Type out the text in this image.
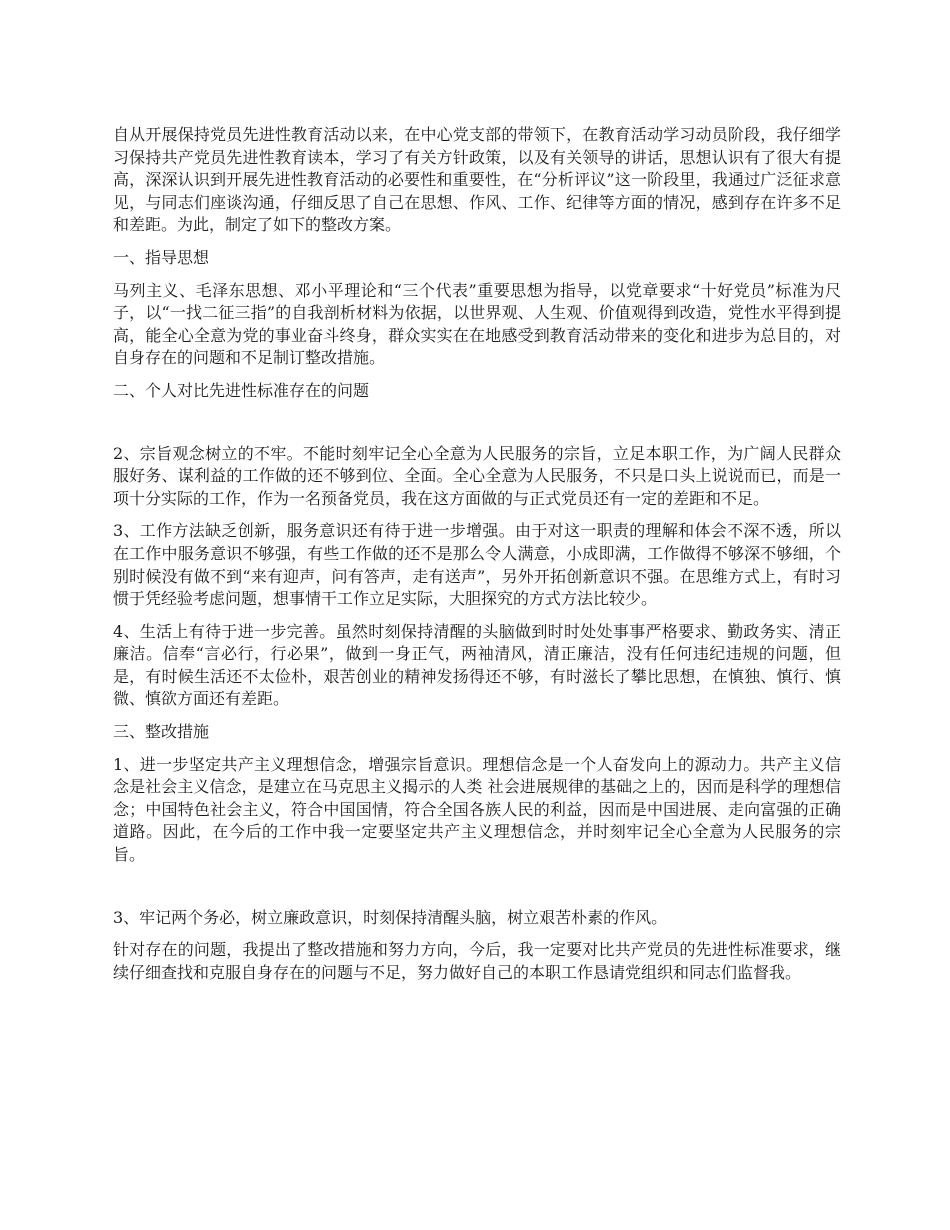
自从开展保持党员先进性教育活动以来，在中心党支部的带领下，在教育活动学习动员阶段，我仔细学习保持共产党员先进性教育读本，学习了有关方针政策，以及有关领导的讲话，思想认识有了很大有提高，深深认识到开展先进性教育活动的必要性和重要性，在“分析评议”这一阶段里，我通过广泛征求意见，与同志们座谈沟通，仔细反思了自己在思想、作风、工作、纪律等方面的情况，感到存在许多不足和差距。为此，制定了如下的整改方案。

一、指导思想

马列主义、毛泽东思想、邓小平理论和“三个代表”重要思想为指导，以党章要求“十好党员”标准为尺子，以“一找二征三指”的自我剖析材料为依据，以世界观、人生观、价值观得到改造，党性水平得到提高，能全心全意为党的事业奋斗终身，群众实实在在地感受到教育活动带来的变化和进步为总目的，对自身存在的问题和不足制订整改措施。

二、个人对比先进性标准存在的问题

2、宗旨观念树立的不牢。不能时刻牢记全心全意为人民服务的宗旨，立足本职工作，为广阔人民群众服好务、谋利益的工作做的还不够到位、全面。全心全意为人民服务，不只是口头上说说而已，而是一项十分实际的工作，作为一名预备党员，我在这方面做的与正式党员还有一定的差距和不足。

3、工作方法缺乏创新，服务意识还有待于进一步增强。由于对这一职责的理解和体会不深不透，所以在工作中服务意识不够强，有些工作做的还不是那么令人满意，小成即满，工作做得不够深不够细，个别时候没有做不到“来有迎声，问有答声，走有送声”，另外开拓创新意识不强。在思维方式上，有时习惯于凭经验考虑问题，想事情干工作立足实际，大胆探究的方式方法比较少。

4、生活上有待于进一步完善。虽然时刻保持清醒的头脑做到时时处处事事严格要求、勤政务实、清正廉洁。信奉“言必行，行必果”，做到一身正气，两袖清风，清正廉洁，没有任何违纪违规的问题，但是，有时候生活还不太俭朴，艰苦创业的精神发扬得还不够，有时滋长了攀比思想，在慎独、慎行、慎微、慎欲方面还有差距。

三、整改措施

1、进一步坚定共产主义理想信念，增强宗旨意识。理想信念是一个人奋发向上的源动力。共产主义信念是社会主义信念，是建立在马克思主义揭示的人类 社会进展规律的基础之上的，因而是科学的理想信念；中国特色社会主义，符合中国国情，符合全国各族人民的利益，因而是中国进展、走向富强的正确道路。因此，在今后的工作中我一定要坚定共产主义理想信念，并时刻牢记全心全意为人民服务的宗旨。

3、牢记两个务必，树立廉政意识，时刻保持清醒头脑，树立艰苦朴素的作风。

针对存在的问题，我提出了整改措施和努力方向，今后，我一定要对比共产党员的先进性标准要求，继续仔细查找和克服自身存在的问题与不足，努力做好自己的本职工作恳请党组织和同志们监督我。
